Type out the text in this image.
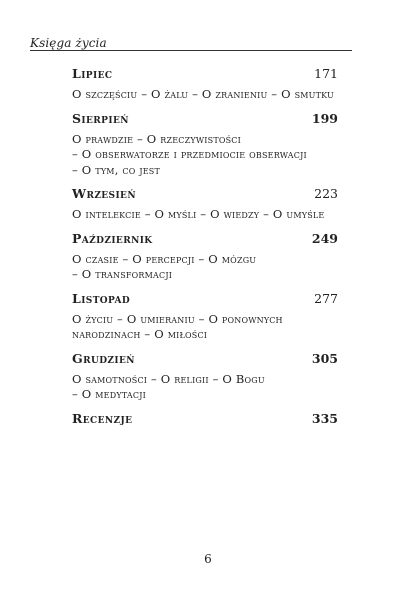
Księga życia
Lipiec	171
O szczęściu – O żalu – O zranieniu – O smutku
Sierpień	199
O prawdzie – O rzeczywistości
– O obserwatorze i przedmiocie obserwacji
– O tym, co jest
Wrzesień	223
O intelekcie – O myśli – O wiedzy – O umyśle
Październik	249
O czasie – O percepcji – O mózgu
– O transformacji
Listopad	277
O życiu – O umieraniu – O ponownych
narodzinach – O miłości
Grudzień	305
O samotności – O religii – O Bogu
– O medytacji
Recenzje	335
6
